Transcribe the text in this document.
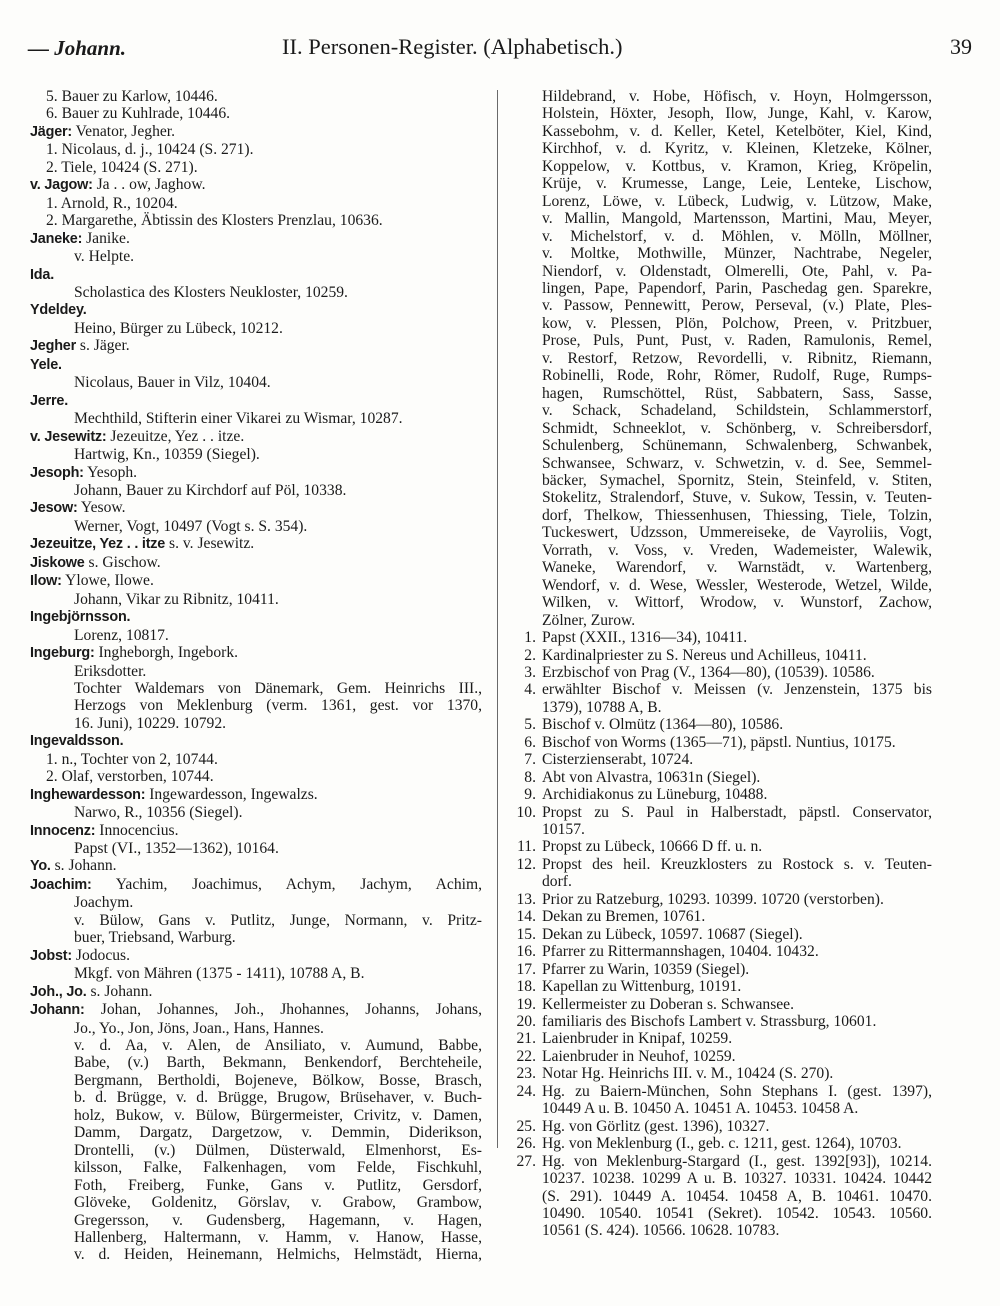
— Johann.	II. Personen-Register. (Alphabetisch.)	39
5. Bauer zu Karlow, 10446.
6. Bauer zu Kuhlrade, 10446.
Jäger: Venator, Jegher.
1. Nicolaus, d. j., 10424 (S. 271).
2. Tiele, 10424 (S. 271).
v. Jagow: Ja . . ow, Jaghow.
1. Arnold, R., 10204.
2. Margarethe, Äbtissin des Klosters Prenzlau, 10636.
Janeke: Janike.
v. Helpte.
Ida.
Scholastica des Klosters Neukloster, 10259.
Ydeldey.
Heino, Bürger zu Lübeck, 10212.
Jegher s. Jäger.
Yele.
Nicolaus, Bauer in Vilz, 10404.
Jerre.
Mechthild, Stifterin einer Vikarei zu Wismar, 10287.
v. Jesewitz: Jezeuitze, Yez . . itze.
Hartwig, Kn., 10359 (Siegel).
Jesoph: Yesoph.
Johann, Bauer zu Kirchdorf auf Pöl, 10338.
Jesow: Yesow.
Werner, Vogt, 10497 (Vogt s. S. 354).
Jezeuitze, Yez . . itze s. v. Jesewitz.
Jiskowe s. Gischow.
Ilow: Ylowe, Ilowe.
Johann, Vikar zu Ribnitz, 10411.
Ingebjörnsson.
Lorenz, 10817.
Ingeburg: Ingheborgh, Ingebork.
Eriksdotter.
Tochter Waldemars von Dänemark, Gem. Heinrichs III.,
Herzogs von Meklenburg (verm. 1361, gest. vor 1370,
16. Juni), 10229. 10792.
Ingevaldsson.
1. n., Tochter von 2, 10744.
2. Olaf, verstorben, 10744.
Inghewardesson: Ingewardesson, Ingewalzs.
Narwo, R., 10356 (Siegel).
Innocenz: Innocencius.
Papst (VI., 1352—1362), 10164.
Yo. s. Johann.
Joachim: Yachim, Joachimus, Achym, Jachym, Achim,
Joachym.
v. Bülow, Gans v. Putlitz, Junge, Normann, v. Pritz-
buer, Triebsand, Warburg.
Jobst: Jodocus.
Mkgf. von Mähren (1375 - 1411), 10788 A, B.
Joh., Jo. s. Johann.
Johann: Johan, Johannes, Joh., Jhohannes, Johanns, Johans,
Jo., Yo., Jon, Jöns, Joan., Hans, Hannes.
v. d. Aa, v. Alen, de Ansiliato, v. Aumund, Babbe,
Babe, (v.) Barth, Bekmann, Benkendorf, Berchteheile,
Bergmann, Bertholdi, Bojeneve, Bölkow, Bosse, Brasch,
b. d. Brügge, v. d. Brügge, Brugow, Brüsehaver, v. Buch-
holz, Bukow, v. Bülow, Bürgermeister, Crivitz, v. Damen,
Damm, Dargatz, Dargetzow, v. Demmin, Diderikson,
Drontelli, (v.) Dülmen, Düsterwald, Elmenhorst, Es-
kilsson, Falke, Falkenhagen, vom Felde, Fischkuhl,
Foth, Freiberg, Funke, Gans v. Putlitz, Gersdorf,
Glöveke, Goldenitz, Görslav, v. Grabow, Grambow,
Gregersson, v. Gudensberg, Hagemann, v. Hagen,
Hallenberg, Haltermann, v. Hamm, v. Hanow, Hasse,
v. d. Heiden, Heinemann, Helmichs, Helmstädt, Hierna,
Hildebrand, v. Hobe, Höfisch, v. Hoyn, Holmgersson,
Holstein, Höxter, Jesoph, Ilow, Junge, Kahl, v. Karow,
Kassebohm, v. d. Keller, Ketel, Ketelböter, Kiel, Kind,
Kirchhof, v. d. Kyritz, v. Kleinen, Kletzeke, Kölner,
Koppelow, v. Kottbus, v. Kramon, Krieg, Kröpelin,
Krüje, v. Krumesse, Lange, Leie, Lenteke, Lischow,
Lorenz, Löwe, v. Lübeck, Ludwig, v. Lützow, Make,
v. Mallin, Mangold, Martensson, Martini, Mau, Meyer,
v. Michelstorf, v. d. Möhlen, v. Mölln, Möllner,
v. Moltke, Mothwille, Münzer, Nachtrabe, Negeler,
Niendorf, v. Oldenstadt, Olmerelli, Ote, Pahl, v. Pa-
lingen, Pape, Papendorf, Parin, Paschedag gen. Sparekre,
v. Passow, Pennewitt, Perow, Perseval, (v.) Plate, Ples-
kow, v. Plessen, Plön, Polchow, Preen, v. Pritzbuer,
Prose, Puls, Punt, Pust, v. Raden, Ramulonis, Remel,
v. Restorf, Retzow, Revordelli, v. Ribnitz, Riemann,
Robinelli, Rode, Rohr, Römer, Rudolf, Ruge, Rumps-
hagen, Rumschöttel, Rüst, Sabbatern, Sass, Sasse,
v. Schack, Schadeland, Schildstein, Schlammerstorf,
Schmidt, Schneeklot, v. Schönberg, v. Schreibersdorf,
Schulenberg, Schünemann, Schwalenberg, Schwanbek,
Schwansee, Schwarz, v. Schwetzin, v. d. See, Semmel-
bäcker, Symachel, Spornitz, Stein, Steinfeld, v. Stiten,
Stokelitz, Stralendorf, Stuve, v. Sukow, Tessin, v. Teuten-
dorf, Thelkow, Thiessenhusen, Thiessing, Tiele, Tolzin,
Tuckeswert, Udzsson, Ummereiseke, de Vayroliis, Vogt,
Vorrath, v. Voss, v. Vreden, Wademeister, Walewik,
Waneke, Warendorf, v. Warnstädt, v. Wartenberg,
Wendorf, v. d. Wese, Wessler, Westerode, Wetzel, Wilde,
Wilken, v. Wittorf, Wrodow, v. Wunstorf, Zachow,
Zölner, Zurow.
1. Papst (XXII., 1316—34), 10411.
2. Kardinalpriester zu S. Nereus und Achilleus, 10411.
3. Erzbischof von Prag (V., 1364—80), (10539). 10586.
4. erwählter Bischof v. Meissen (v. Jenzenstein, 1375 bis
1379), 10788 A, B.
5. Bischof v. Olmütz (1364—80), 10586.
6. Bischof von Worms (1365—71), päpstl. Nuntius, 10175.
7. Cisterzienserabt, 10724.
8. Abt von Alvastra, 10631n (Siegel).
9. Archidiakonus zu Lüneburg, 10488.
10. Propst zu S. Paul in Halberstadt, päpstl. Conservator,
10157.
11. Propst zu Lübeck, 10666 D ff. u. n.
12. Propst des heil. Kreuzklosters zu Rostock s. v. Teuten-
dorf.
13. Prior zu Ratzeburg, 10293. 10399. 10720 (verstorben).
14. Dekan zu Bremen, 10761.
15. Dekan zu Lübeck, 10597. 10687 (Siegel).
16. Pfarrer zu Rittermannshagen, 10404. 10432.
17. Pfarrer zu Warin, 10359 (Siegel).
18. Kapellan zu Wittenburg, 10191.
19. Kellermeister zu Doberan s. Schwansee.
20. familiaris des Bischofs Lambert v. Strassburg, 10601.
21. Laienbruder in Knipaf, 10259.
22. Laienbruder in Neuhof, 10259.
23. Notar Hg. Heinrichs III. v. M., 10424 (S. 270).
24. Hg. zu Baiern-München, Sohn Stephans I. (gest. 1397),
10449 A u. B. 10450 A. 10451 A. 10453. 10458 A.
25. Hg. von Görlitz (gest. 1396), 10327.
26. Hg. von Meklenburg (I., geb. c. 1211, gest. 1264), 10703.
27. Hg. von Meklenburg-Stargard (I., gest. 1392[93]), 10214.
10237. 10238. 10299 A u. B. 10327. 10331. 10424. 10442
(S. 291). 10449 A. 10454. 10458 A, B. 10461. 10470.
10490. 10540. 10541 (Sekret). 10542. 10543. 10560.
10561 (S. 424). 10566. 10628. 10783.
